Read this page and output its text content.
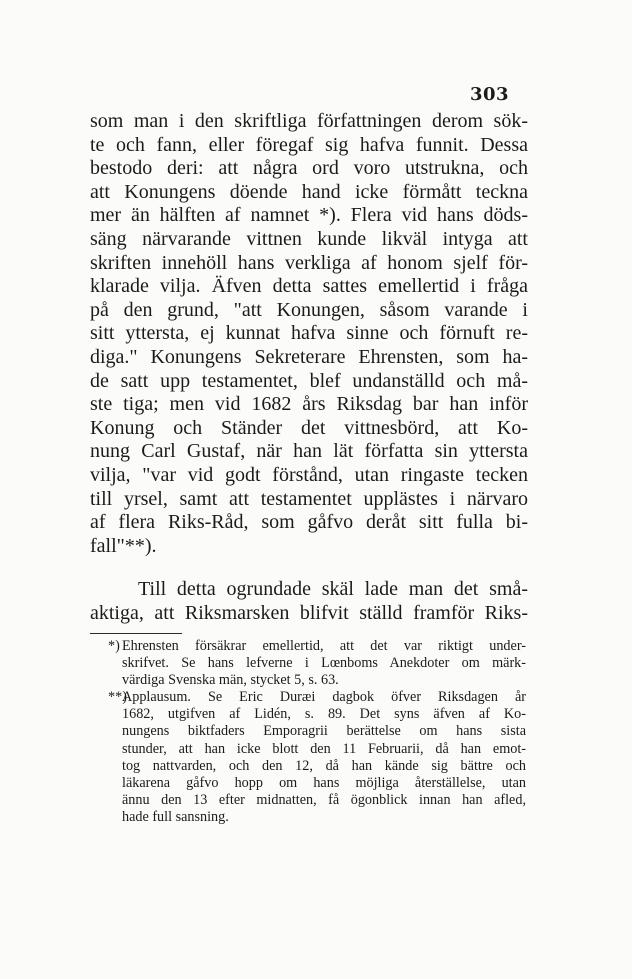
303
som man i den skriftliga författningen derom sök-
te och fann, eller föregaf sig hafva funnit. Dessa
bestodo deri: att några ord voro utstrukna, och
att Konungens döende hand icke förmått teckna
mer än hälften af namnet *). Flera vid hans döds-
säng närvarande vittnen kunde likväl intyga att
skriften innehöll hans verkliga af honom sjelf för-
klarade vilja. Äfven detta sattes emellertid i fråga
på den grund, "att Konungen, såsom varande i
sitt yttersta, ej kunnat hafva sinne och förnuft re-
diga." Konungens Sekreterare Ehrensten, som ha-
de satt upp testamentet, blef undanställd och må-
ste tiga; men vid 1682 års Riksdag bar han inför
Konung och Ständer det vittnesbörd, att Ko-
nung Carl Gustaf, när han lät författa sin yttersta
vilja, "var vid godt förstånd, utan ringaste tecken
till yrsel, samt att testamentet upplästes i närvaro
af flera Riks-Råd, som gåfvo deråt sitt fulla bi-
fall"**).
Till detta ogrundade skäl lade man det små-
aktiga, att Riksmarsken blifvit ställd framför Riks-
*) Ehrensten försäkrar emellertid, att det var riktigt under-
skrifvet. Se hans lefverne i Lœnboms Anekdoter om märk-
värdiga Svenska män, stycket 5, s. 63.
**)Applausum. Se Eric Duræi dagbok öfver Riksdagen år
1682, utgifven af Lidén, s. 89. Det syns äfven af Ko-
nungens biktfaders Emporagrii berättelse om hans sista
stunder, att han icke blott den 11 Februarii, då han emot-
tog nattvarden, och den 12, då han kände sig bättre och
läkarena gåfvo hopp om hans möjliga återställelse, utan
ännu den 13 efter midnatten, få ögonblick innan han afled,
hade full sansning.
